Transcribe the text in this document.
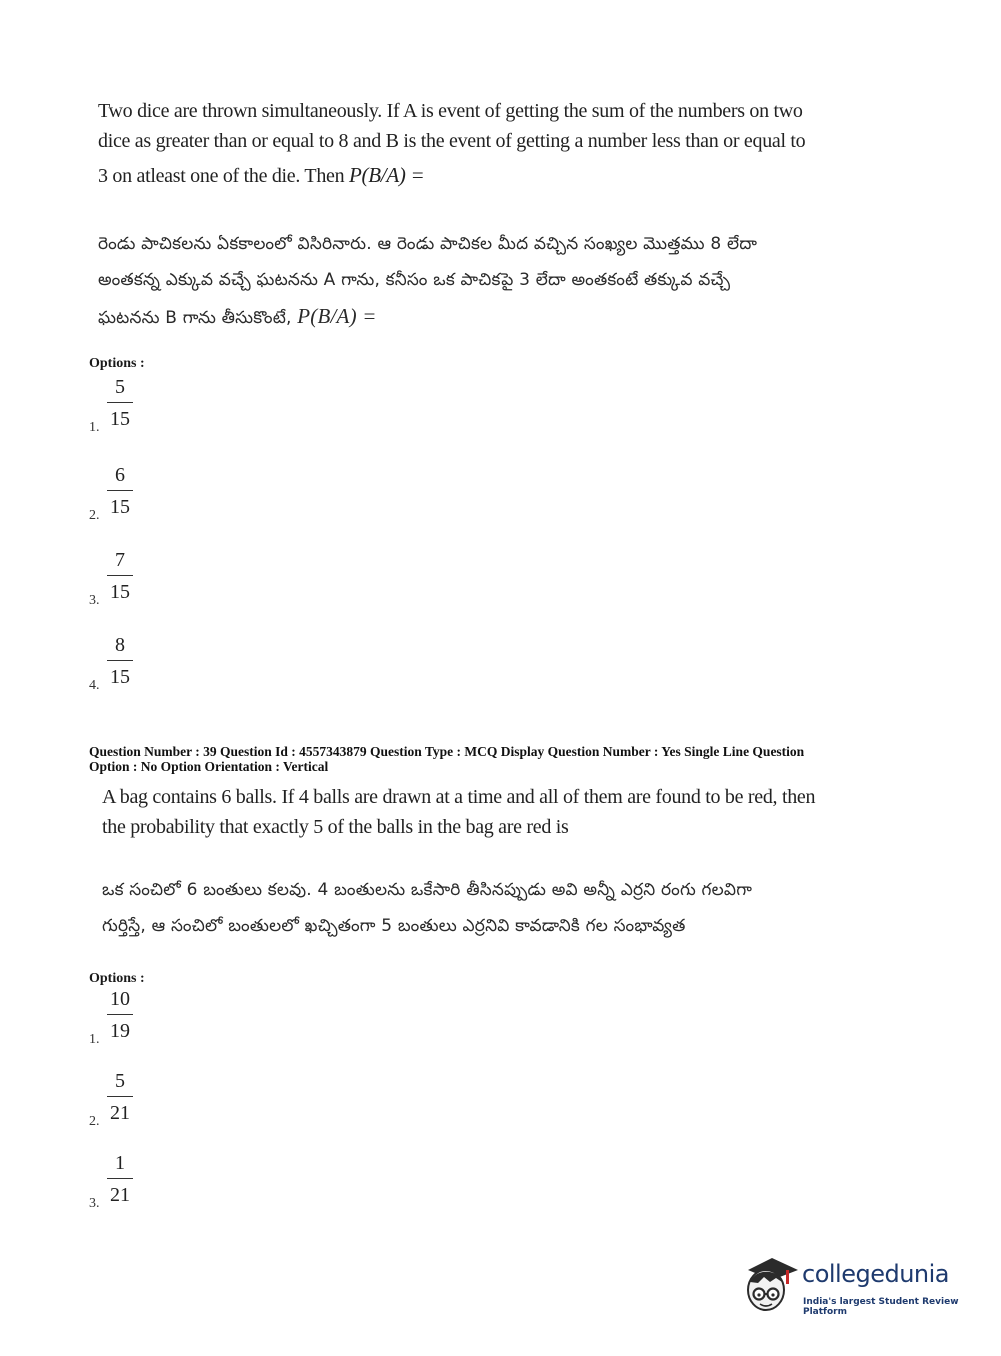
Two dice are thrown simultaneously. If A is event of getting the sum of the numbers on two
dice as greater than or equal to 8 and B is the event of getting a number less than or equal to
3 on atleast one of the die. Then P(B/A) =
రెండు పాచికలను ఏకకాలంలో విసిరినారు. ఆ రెండు పాచికల మీద వచ్చిన సంఖ్యల మొత్తము 8 లేదా
అంతకన్న ఎక్కువ వచ్చే ఘటనను A గాను, కనీసం ఒక పాచికపై 3 లేదా అంతకంటే తక్కువ వచ్చే
ఘటనను B గాను తీసుకొంటే, P(B/A) =
Options :
1.
5
15
2.
6
15
3.
7
15
4.
8
15
Question Number : 39 Question Id : 4557343879 Question Type : MCQ Display Question Number : Yes Single Line Question
Option : No Option Orientation : Vertical
A bag contains 6 balls. If 4 balls are drawn at a time and all of them are found to be red, then
the probability that exactly 5 of the balls in the bag are red is
ఒక సంచిలో 6 బంతులు కలవు. 4 బంతులను ఒకేసారి తీసినప్పుడు అవి అన్నీ ఎర్రని రంగు గలవిగా
గుర్తిస్తే, ఆ సంచిలో బంతులలో ఖచ్చితంగా 5 బంతులు ఎర్రనివి కావడానికి గల సంభావ్యత
Options :
1.
10
19
2.
5
21
3.
1
21
collegedunia
India's largest Student Review Platform
